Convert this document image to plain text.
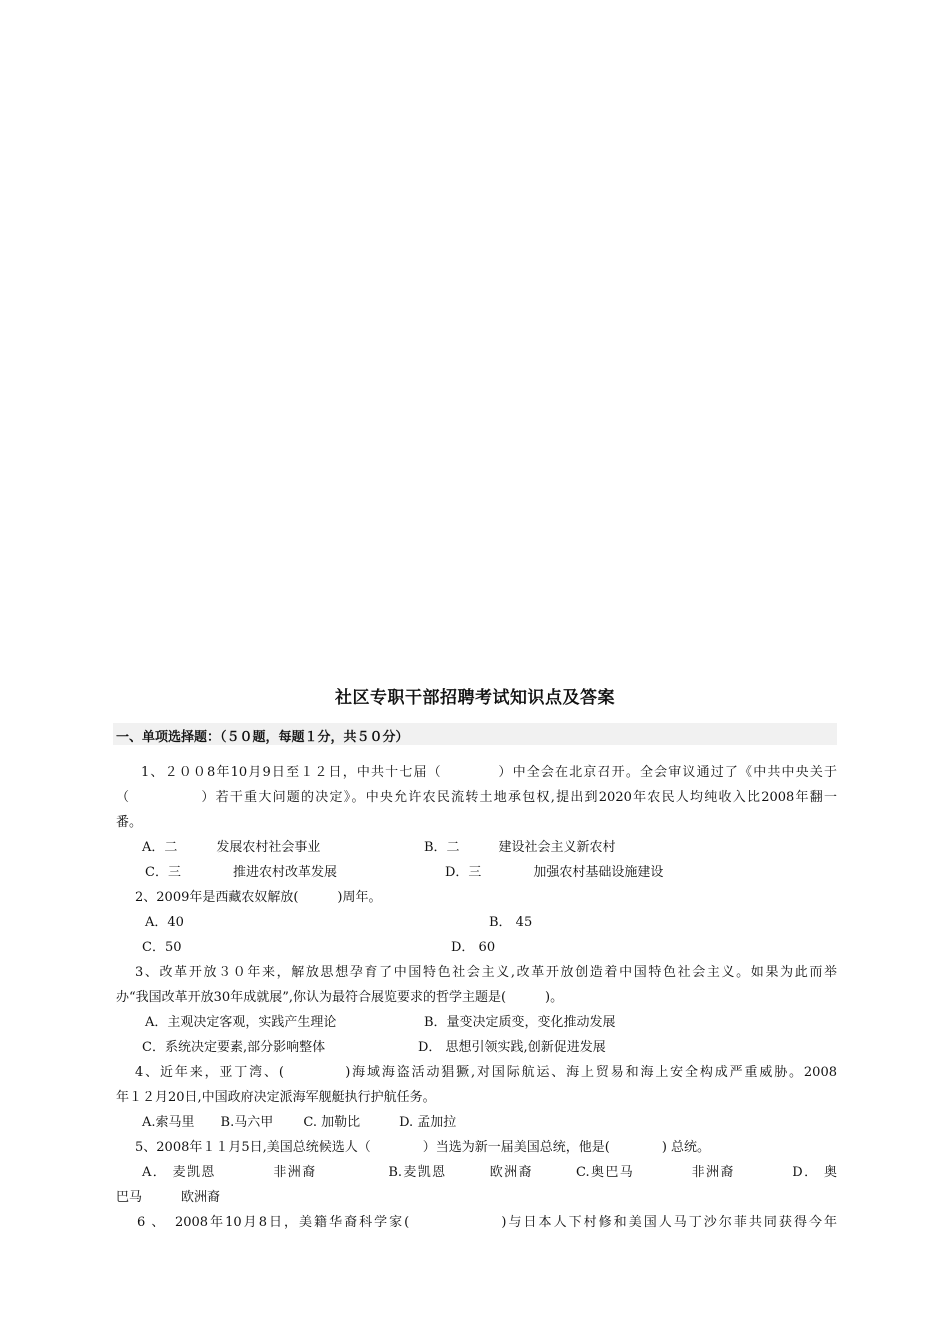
社区专职干部招聘考试知识点及答案
一、单项选择题：（５０题，每题１分，共５０分）
1、２００8年10月9日至１２日，中共十七届（　　　　）中全会在北京召开。全会审议通过了《中共中央关于
（　　　　　）若干重大问题的决定》。中央允许农民流转土地承包权,提出到2020年农民人均纯收入比2008年翻一
番。
A．二　　　发展农村社会事业	B．二　　　建设社会主义新农村
C．三　　　　推进农村改革发展	D．三　　　　加强农村基础设施建设
2、2009年是西藏农奴解放(　　　)周年。
A．40	B． 45
C．50	D． 60
3、改革开放３０年来，解放思想孕育了中国特色社会主义,改革开放创造着中国特色社会主义。如果为此而举
办“我国改革开放30年成就展”,你认为最符合展览要求的哲学主题是(　　　)。
A．主观决定客观，实践产生理论	B．量变决定质变，变化推动发展
C．系统决定要素,部分影响整体	D． 思想引领实践,创新促进发展
4、近年来，亚丁湾、(　　　　)海域海盗活动猖獗,对国际航运、海上贸易和海上安全构成严重威胁。2008
年１２月20日,中国政府决定派海军舰艇执行护航任务。
A.索马里　　B.马六甲　　 C. 加勒比　　　D. 孟加拉
5、2008年１１月5日,美国总统候选人（　　　　）当选为新一届美国总统，他是(　　　　) 总统。
A． 麦凯恩　　　　非洲裔　　　　　B.麦凯恩　　　欧洲裔　　　C.奥巴马　　　　非洲裔　　　　D． 奥
巴马　　　欧洲裔
6 、　2008年10月8日，美籍华裔科学家(　　　　　　)与日本人下村修和美国人马丁沙尔菲共同获得今年
